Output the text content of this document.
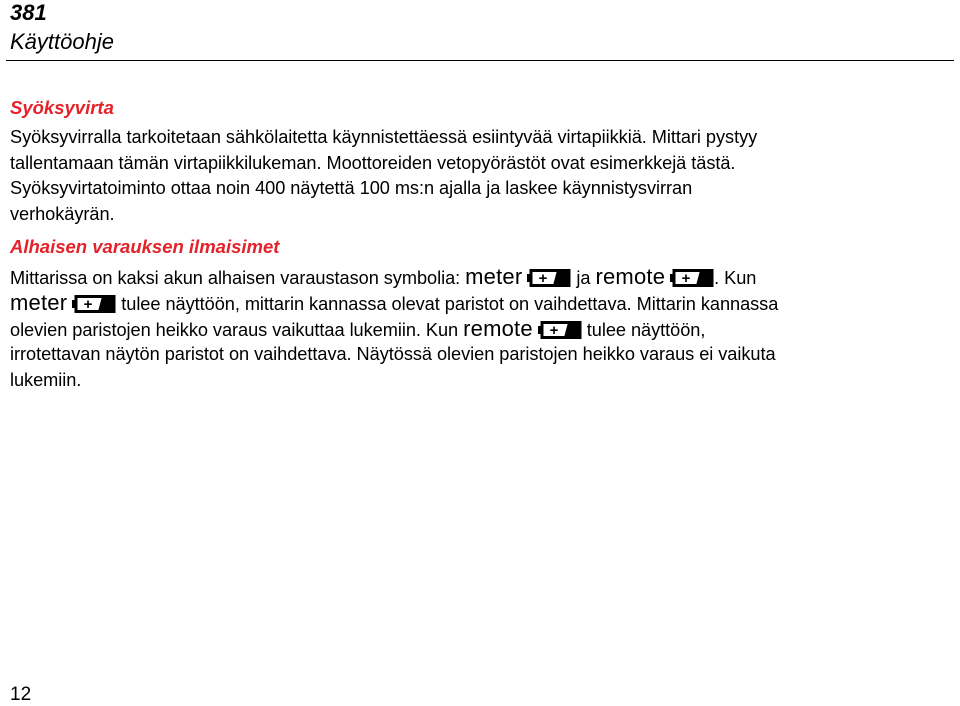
381
Käyttöohje
Syöksyvirta
Syöksyvirralla tarkoitetaan sähkölaitetta käynnistettäessä esiintyvää virtapiikkiä. Mittari pystyy
tallentamaan tämän virtapiikkilukeman. Moottoreiden vetopyörästöt ovat esimerkkejä tästä.
Syöksyvirtatoiminto ottaa noin 400 näytettä 100 ms:n ajalla ja laskee käynnistysvirran
verhokäyrän.
Alhaisen varauksen ilmaisimet
Mittarissa on kaksi akun alhaisen varaustason symbolia: meter + ja remote + . Kun
meter + tulee näyttöön, mittarin kannassa olevat paristot on vaihdettava. Mittarin kannassa
olevien paristojen heikko varaus vaikuttaa lukemiin. Kun remote + tulee näyttöön,
irrotettavan näytön paristot on vaihdettava. Näytössä olevien paristojen heikko varaus ei vaikuta
lukemiin.
12
